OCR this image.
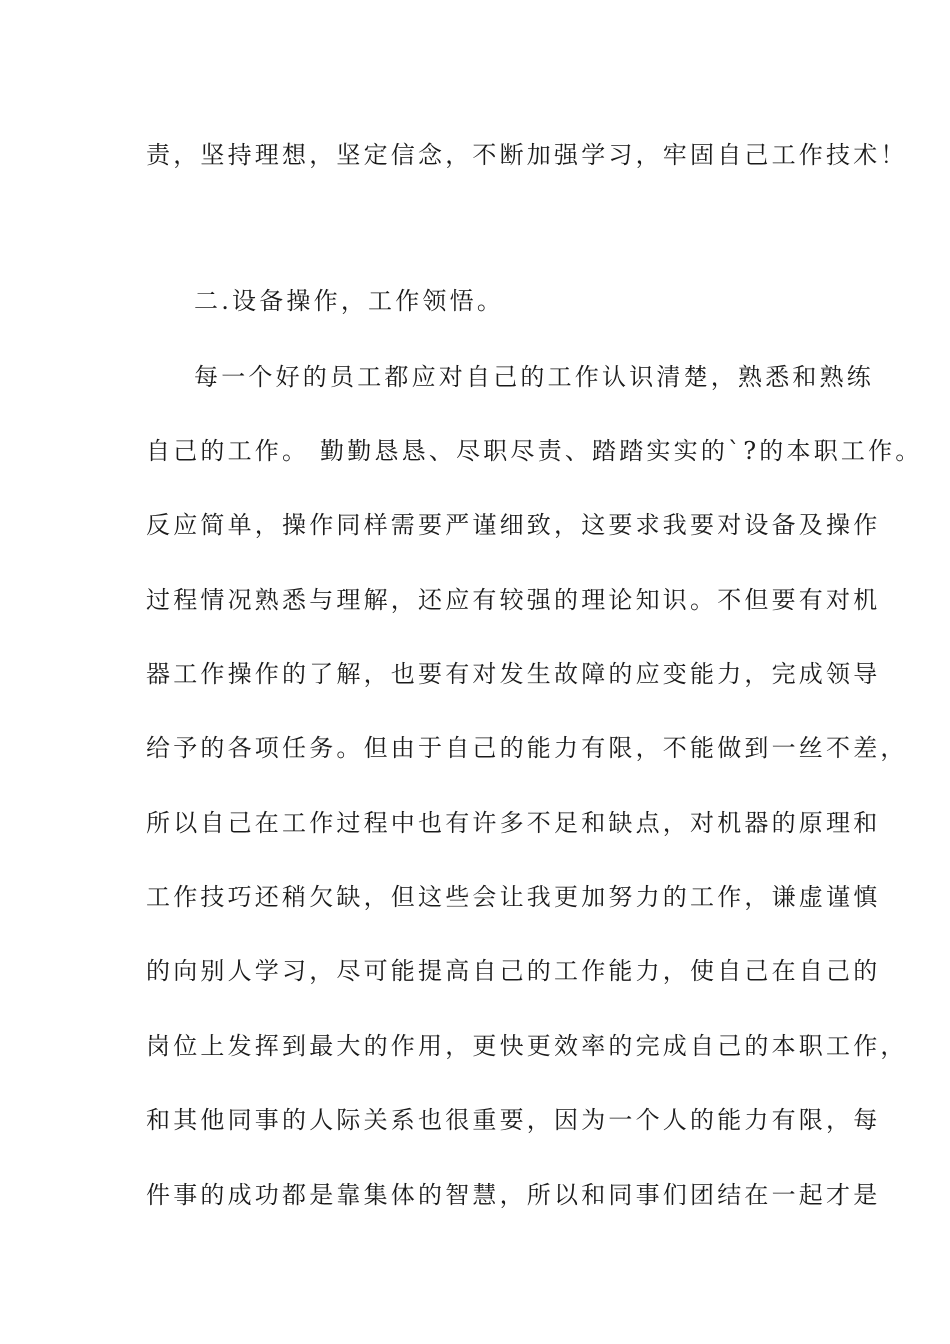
责，坚持理想，坚定信念，不断加强学习，牢固自己工作技术！
二.设备操作，工作领悟。
每一个好的员工都应对自己的工作认识清楚，熟悉和熟练
自己的工作。 勤勤恳恳、尽职尽责、踏踏实实的`?的本职工作。
反应简单，操作同样需要严谨细致，这要求我要对设备及操作
过程情况熟悉与理解，还应有较强的理论知识。不但要有对机
器工作操作的了解，也要有对发生故障的应变能力，完成领导
给予的各项任务。但由于自己的能力有限，不能做到一丝不差，
所以自己在工作过程中也有许多不足和缺点，对机器的原理和
工作技巧还稍欠缺，但这些会让我更加努力的工作，谦虚谨慎
的向别人学习，尽可能提高自己的工作能力，使自己在自己的
岗位上发挥到最大的作用，更快更效率的完成自己的本职工作，
和其他同事的人际关系也很重要，因为一个人的能力有限，每
件事的成功都是靠集体的智慧，所以和同事们团结在一起才是
